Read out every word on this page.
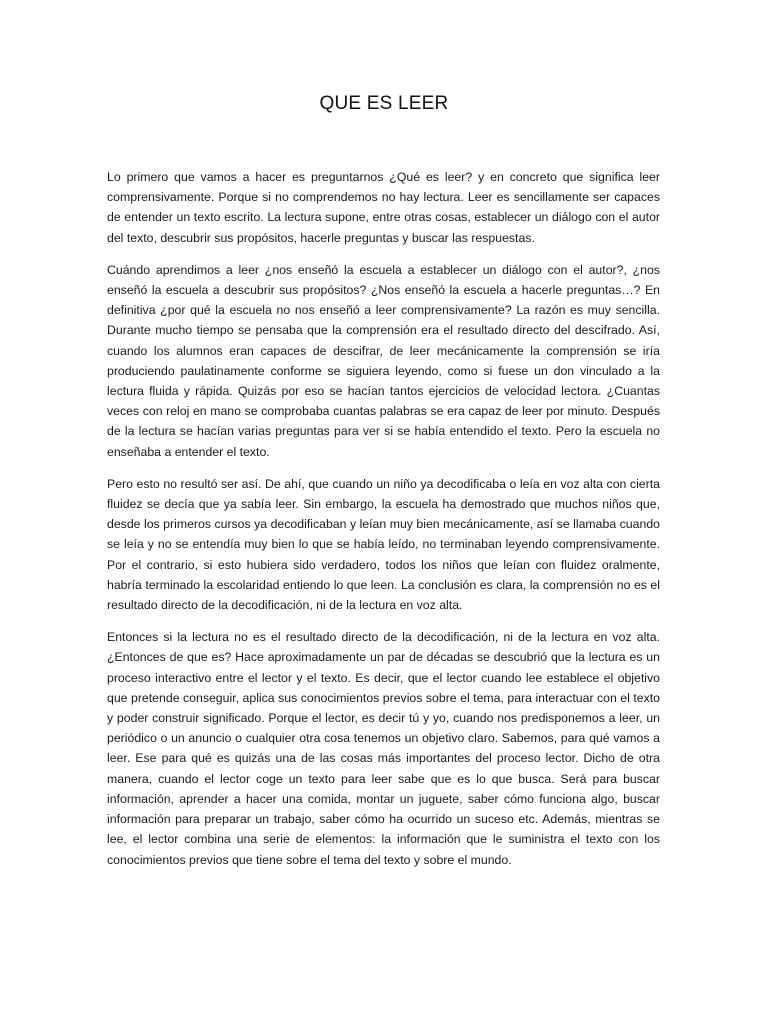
QUE ES LEER

Lo primero que vamos a hacer es preguntarnos ¿Qué es leer? y en concreto que significa leer comprensivamente. Porque si no comprendemos no hay lectura. Leer es sencillamente ser capaces de entender un texto escrito. La lectura supone, entre otras cosas, establecer un diálogo con el autor del texto, descubrir sus propósitos, hacerle preguntas y buscar las respuestas.

Cuándo aprendimos a leer ¿nos enseñó la escuela a establecer un diálogo con el autor?, ¿nos enseñó la escuela a descubrir sus propósitos? ¿Nos enseñó la escuela a hacerle preguntas…? En definitiva ¿por qué la escuela no nos enseñó a leer comprensivamente? La razón es muy sencilla. Durante mucho tiempo se pensaba que la comprensión era el resultado directo del descifrado. Así, cuando los alumnos eran capaces de descifrar, de leer mecánicamente la comprensión se iría produciendo paulatinamente conforme se siguiera leyendo, como si fuese un don vinculado a la lectura fluida y rápida. Quizás por eso se hacían tantos ejercicios de velocidad lectora. ¿Cuantas veces con reloj en mano se comprobaba cuantas palabras se era capaz de leer por minuto. Después de la lectura se hacían varias preguntas para ver si se había entendido el texto. Pero la escuela no enseñaba a entender el texto.

Pero esto no resultó ser así. De ahí, que cuando un niño ya decodificaba o leía en voz alta con cierta fluidez se decía que ya sabía leer. Sin embargo, la escuela ha demostrado que muchos niños que, desde los primeros cursos ya decodificaban y leían muy bien mecánicamente, así se llamaba cuando se leía y no se entendía muy bien lo que se había leído, no terminaban leyendo comprensivamente. Por el contrario, si esto hubiera sido verdadero, todos los niños que leían con fluidez oralmente, habría terminado la escolaridad entiendo lo que leen. La conclusión es clara, la comprensión no es el resultado directo de la decodificación, ni de la lectura en voz alta.

Entonces si la lectura no es el resultado directo de la decodificación, ni de la lectura en voz alta. ¿Entonces de que es? Hace aproximadamente un par de décadas se descubrió que la lectura es un proceso interactivo entre el lector y el texto. Es decir, que el lector cuando lee establece el objetivo que pretende conseguir, aplica sus conocimientos previos sobre el tema, para interactuar con el texto y poder construir significado. Porque el lector, es decir tú y yo, cuando nos predisponemos a leer, un periódico o un anuncio o cualquier otra cosa tenemos un objetivo claro. Sabemos, para qué vamos a leer. Ese para qué es quizás una de las cosas más importantes del proceso lector. Dicho de otra manera, cuando el lector coge un texto para leer sabe que es lo que busca. Será para buscar información, aprender a hacer una comida, montar un juguete, saber cómo funciona algo, buscar información para preparar un trabajo, saber cómo ha ocurrido un suceso etc. Además, mientras se lee, el lector combina una serie de elementos: la información que le suministra el texto con los conocimientos previos que tiene sobre el tema del texto y sobre el mundo.
